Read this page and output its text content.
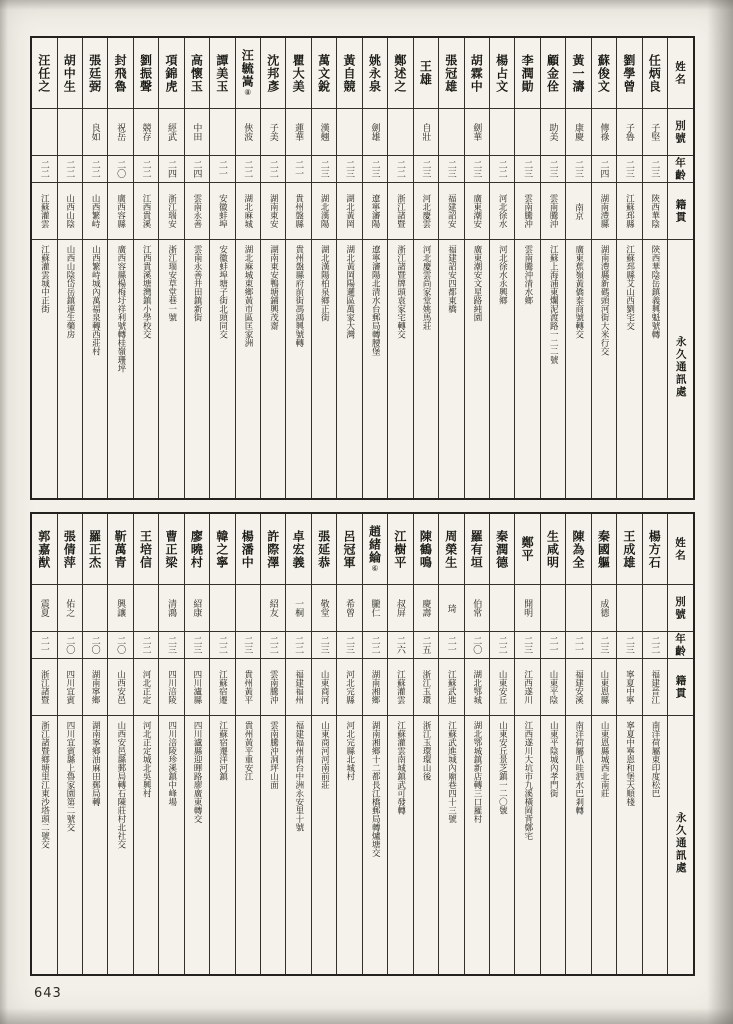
姓名
別號
年齡
籍貫
永久通訊處
任炳良
子堅
二三
陝西華陰
陝西華陰岳鎮義興魁號轉
劉學曾
子魯
二三
江蘇邳縣
江蘇邳縣艾山西劉宅交
蘇俊文
傳祿
二四
湖南澧縣
湖南澧縣新碼頭河街大米行交
黃一濤
康慶
二三
南京
廣東蕉嶺黃僑泰商號轉交
顧金佺
助美
二三
雲南騰沖
江蘇上海浦東爛泥渡路一二二號
李潤勛
二三
雲南騰沖
雲南騰沖清水鄉
楊占文
二二
河北徐水
河北徐水永興鄉
胡霖中
劍華
二三
廣東潮安
廣東潮安文星路純園
張冠雄
二三
福建詔安
福建詔安四都東橋
王雄
自壯
二三
河北慶雲
河北慶雲尚家堂姚馬莊
鄭述之
二二
浙江諸暨
浙江諸暨牌頭袁家宅轉交
姚永泉
劍雄
二三
遼寧瀋陽
遼寧瀋陽北清水台郵局轉腰堡
黃自競
二三
湖北黃岡
湖北黃岡陽邏區萬家大灣
萬文銳
漢翹
二三
湖北漢陽
湖北漢陽柏泉鄉正街
瞿大美
蓮華
二一
貴州盤縣
貴州盤縣府前街馮鴻興號轉
沈邦彥
子美
二二
湖南東安
湖南東安鴨塘鋪興茂齋
汪毓嵩
⑧
俠波
二二
湖北麻城
湖北麻城東鄉黃市區匡家洲
譚美玉
二一
安徽蚌埠
安徽蚌埠塘子街北頭同交
高懷玉
中田
二四
雲南永善
雲南永善井田鎮新街
項錦虎
經武
二四
浙江瑞安
浙江瑞安草堂巷一號
劉振聲
競存
二二
江西貴溪
江西貴溪塘灣鎮小學校交
封飛魯
祝岳
二〇
廣西容縣
廣西容縣楊梅圩祥利號轉桂嶺珊坪
張廷弼
良如
二二
山西繁峙
山西繁峙城內萬福泉轉西莊村
胡中生
二二
山西山陰
山西山陰岱岳鎮連生藥房
汪任之
二二
江蘇灌雲
江蘇灌雲城中正街
姓名
別號
年齡
籍貫
永久通訊處
楊方石
二二
福建晉江
南洋荷屬東印度松巴
王成雄
二三
寧夏中寧
寧夏中寧恩和堡天順棧
秦國軀
成德
二三
山東恩縣
山東恩縣城西北南莊
陳為全
二一
福建安溪
南洋荷屬爪哇泗水巴剎轉
生咸明
二一
山東平陰
山東平陰城內孝門街
鄭平
開明
二三
江西遂川
江西遂川大坑市九溪橫岡背鄭宅
秦潤德
二二
山東安丘
山東安丘景芝鎮一二〇號
羅有垣
伯常
二〇
湖北鄂城
湖北鄂城鎮新店轉三口羅村
周榮生
琦
二一
江蘇武進
江蘇武進城內廟巷四十三號
陳鶴鳴
慶壽
二五
浙江玉環
浙江玉環環山後
江樹平
叔屏
二六
江蘇灌雲
江蘇灌雲南城鎮武可發轉
趙緒綸
⑥
朧仁
二二
湖南湘鄉
湖南湘鄉十二都長江橋郵局轉爐塘交
呂冠軍
希曾
二三
河北完縣
河北完縣北城村
張延恭
敬堂
二三
山東商河
山東商河河南前莊
卓宏義
一桐
二二
福建福州
福建福州南台中洲永安里十號
許際澤
紹友
二二
雲南騰沖
雲南騰沖洞坪山面
楊潘中
二三
貴州黃平
貴州黃平重安江
韓之寧
二二
江蘇宿遷
江蘇宿遷洋河鎮
廖曉村
紹康
二三
四川瀘縣
四川瀘縣迎暉路廖廣東轉交
曹正梁
清鴻
二三
四川涪陵
四川涪陵珍溪鎮中峰場
王培信
二二
河北正定
河北正定城北吳興村
靳萬青
興讓
二〇
山西安邑
山西安邑縣郵局轉石陳莊村北社交
羅正杰
二〇
湖南寧鄉
湖南寧鄉油麻田郵局轉
張倩萍
佑之
二〇
四川宜賓
四川宜賓縣上魯家園第二號交
郭嘉猷
震夏
二一
浙江諸暨
浙江諸暨鄉塘里江東沙塔頭二號交
643
